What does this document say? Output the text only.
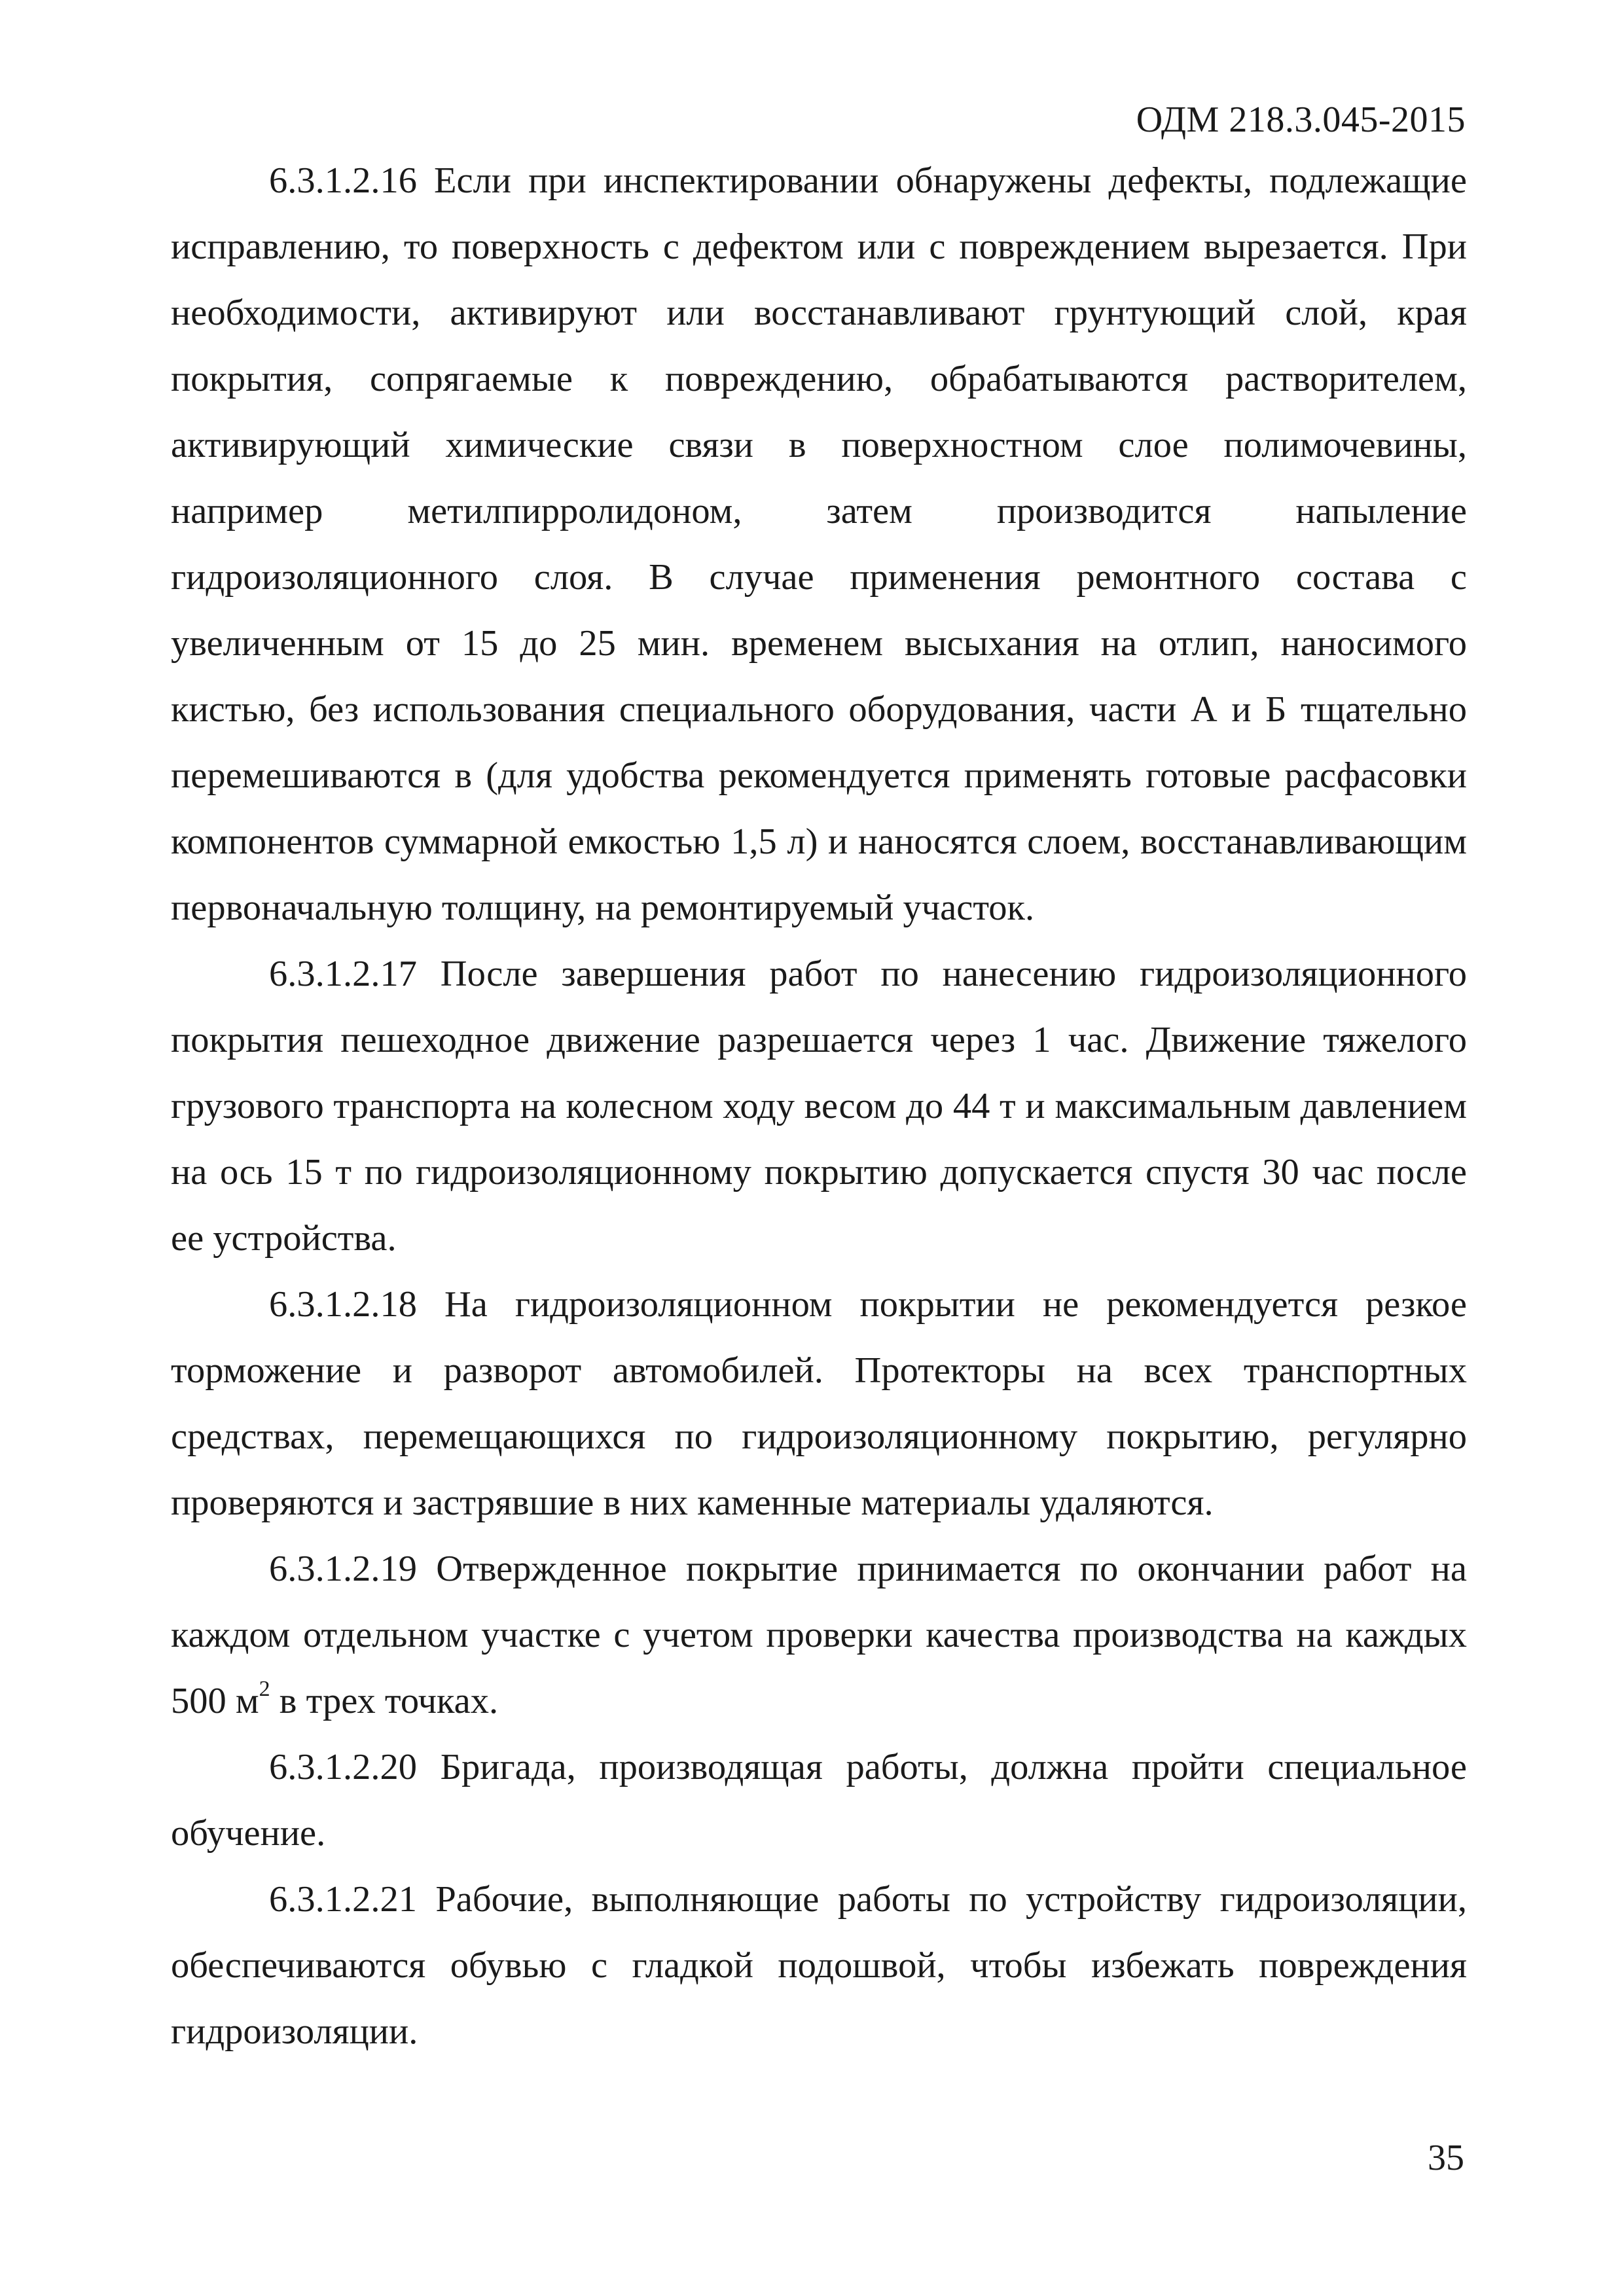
ОДМ 218.3.045-2015

6.3.1.2.16 Если при инспектировании обнаружены дефекты, подлежащие исправлению, то поверхность с дефектом или с повреждением вырезается. При необходимости, активируют или восстанавливают грунтующий слой, края покрытия, сопрягаемые к повреждению, обрабатываются растворителем, активирующий химические связи в поверхностном слое полимочевины, например метилпирролидоном, затем производится напыление гидроизоляционного слоя. В случае применения ремонтного состава с увеличенным от 15 до 25 мин. временем высыхания на отлип, наносимого кистью, без использования специального оборудования, части А и Б тщательно перемешиваются в (для удобства рекомендуется применять готовые расфасовки компонентов суммарной емкостью 1,5 л) и наносятся слоем, восстанавливающим первоначальную толщину, на ремонтируемый участок.

6.3.1.2.17 После завершения работ по нанесению гидроизоляционного покрытия пешеходное движение разрешается через 1 час. Движение тяжелого грузового транспорта на колесном ходу весом до 44 т и максимальным давлением на ось 15 т по гидроизоляционному покрытию допускается спустя 30 час после ее устройства.

6.3.1.2.18 На гидроизоляционном покрытии не рекомендуется резкое торможение и разворот автомобилей. Протекторы на всех транспортных средствах, перемещающихся по гидроизоляционному покрытию, регулярно проверяются и застрявшие в них каменные материалы удаляются.

6.3.1.2.19 Отвержденное покрытие принимается по окончании работ на каждом отдельном участке с учетом проверки качества производства на каждых 500 $м^2$ в трех точках.

6.3.1.2.20 Бригада, производящая работы, должна пройти специальное обучение.

6.3.1.2.21 Рабочие, выполняющие работы по устройству гидроизоляции, обеспечиваются обувью с гладкой подошвой, чтобы избежать повреждения гидроизоляции.

35
